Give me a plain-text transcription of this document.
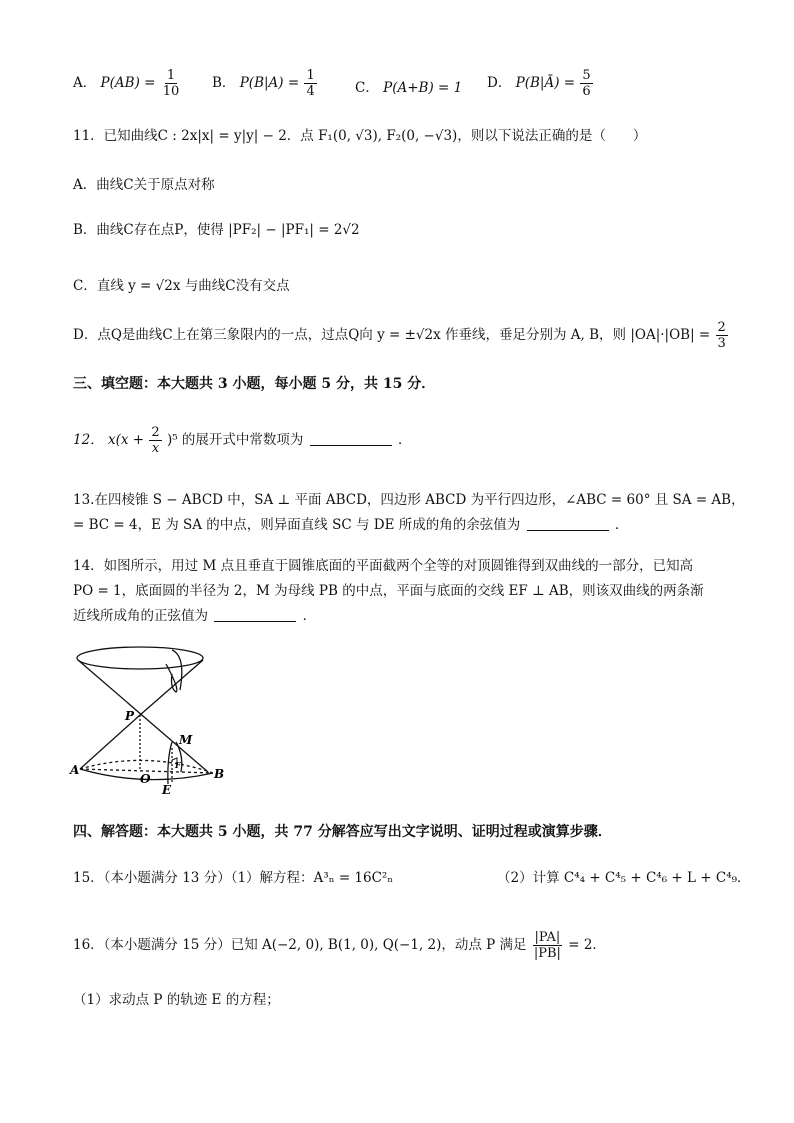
A． $P(AB) = \frac{1}{10}$ B． $P(B|A) = \frac{1}{4}$	C． P(A+B) = 1 D． P(B|Ā) = $\frac{5}{6}$
11．已知曲线C : 2x|x| = y|y| − 2．点 F₁(0, √3), F₂(0, −√3)，则以下说法正确的是（　　）
A．曲线C关于原点对称
B．曲线C存在点P，使得 |PF₂| − |PF₁| = 2√2
C．直线 y = √2x 与曲线C没有交点
D．点Q是曲线C上在第三象限内的一点，过点Q向 y = ±√2x 作垂线，垂足分别为 A, B，则 $|OA|\cdot|OB| = \frac{2}{3}$
三、填空题：本大题共 3 小题，每小题 5 分，共 15 分．
12． $x(x + \frac{2}{x} )^5$ 的展开式中常数项为	．
13.在四棱锥 S − ABCD 中，SA ⊥ 平面 ABCD，四边形 ABCD 为平行四边形，∠ABC = 60° 且 SA = AB，
= BC = 4，E 为 SA 的中点，则异面直线 SC 与 DE 所成的角的余弦值为	．
14．如图所示，用过 M 点且垂直于圆锥底面的平面截两个全等的对顶圆锥得到双曲线的一部分，已知高
PO = 1，底面圆的半径为 2，M 为母线 PB 的中点，平面与底面的交线 EF ⊥ AB，则该双曲线的两条渐
近线所成角的正弦值为	．
P
M
A
O	B
E
F
四、解答题：本大题共 5 小题，共 77 分解答应写出文字说明、证明过程或演算步骤．
15．（本小题满分 13 分）（1）解方程：A³ₙ = 16C²ₙ	（2）计算 C⁴₄ + C⁴₅ + C⁴₆ + L + C⁴₉．
16．（本小题满分 15 分）已知 A(−2, 0), B(1, 0), Q(−1, 2)，动点 P 满足 $\frac{|PA|}{|PB|} = 2$．
（1）求动点 P 的轨迹 E 的方程；
